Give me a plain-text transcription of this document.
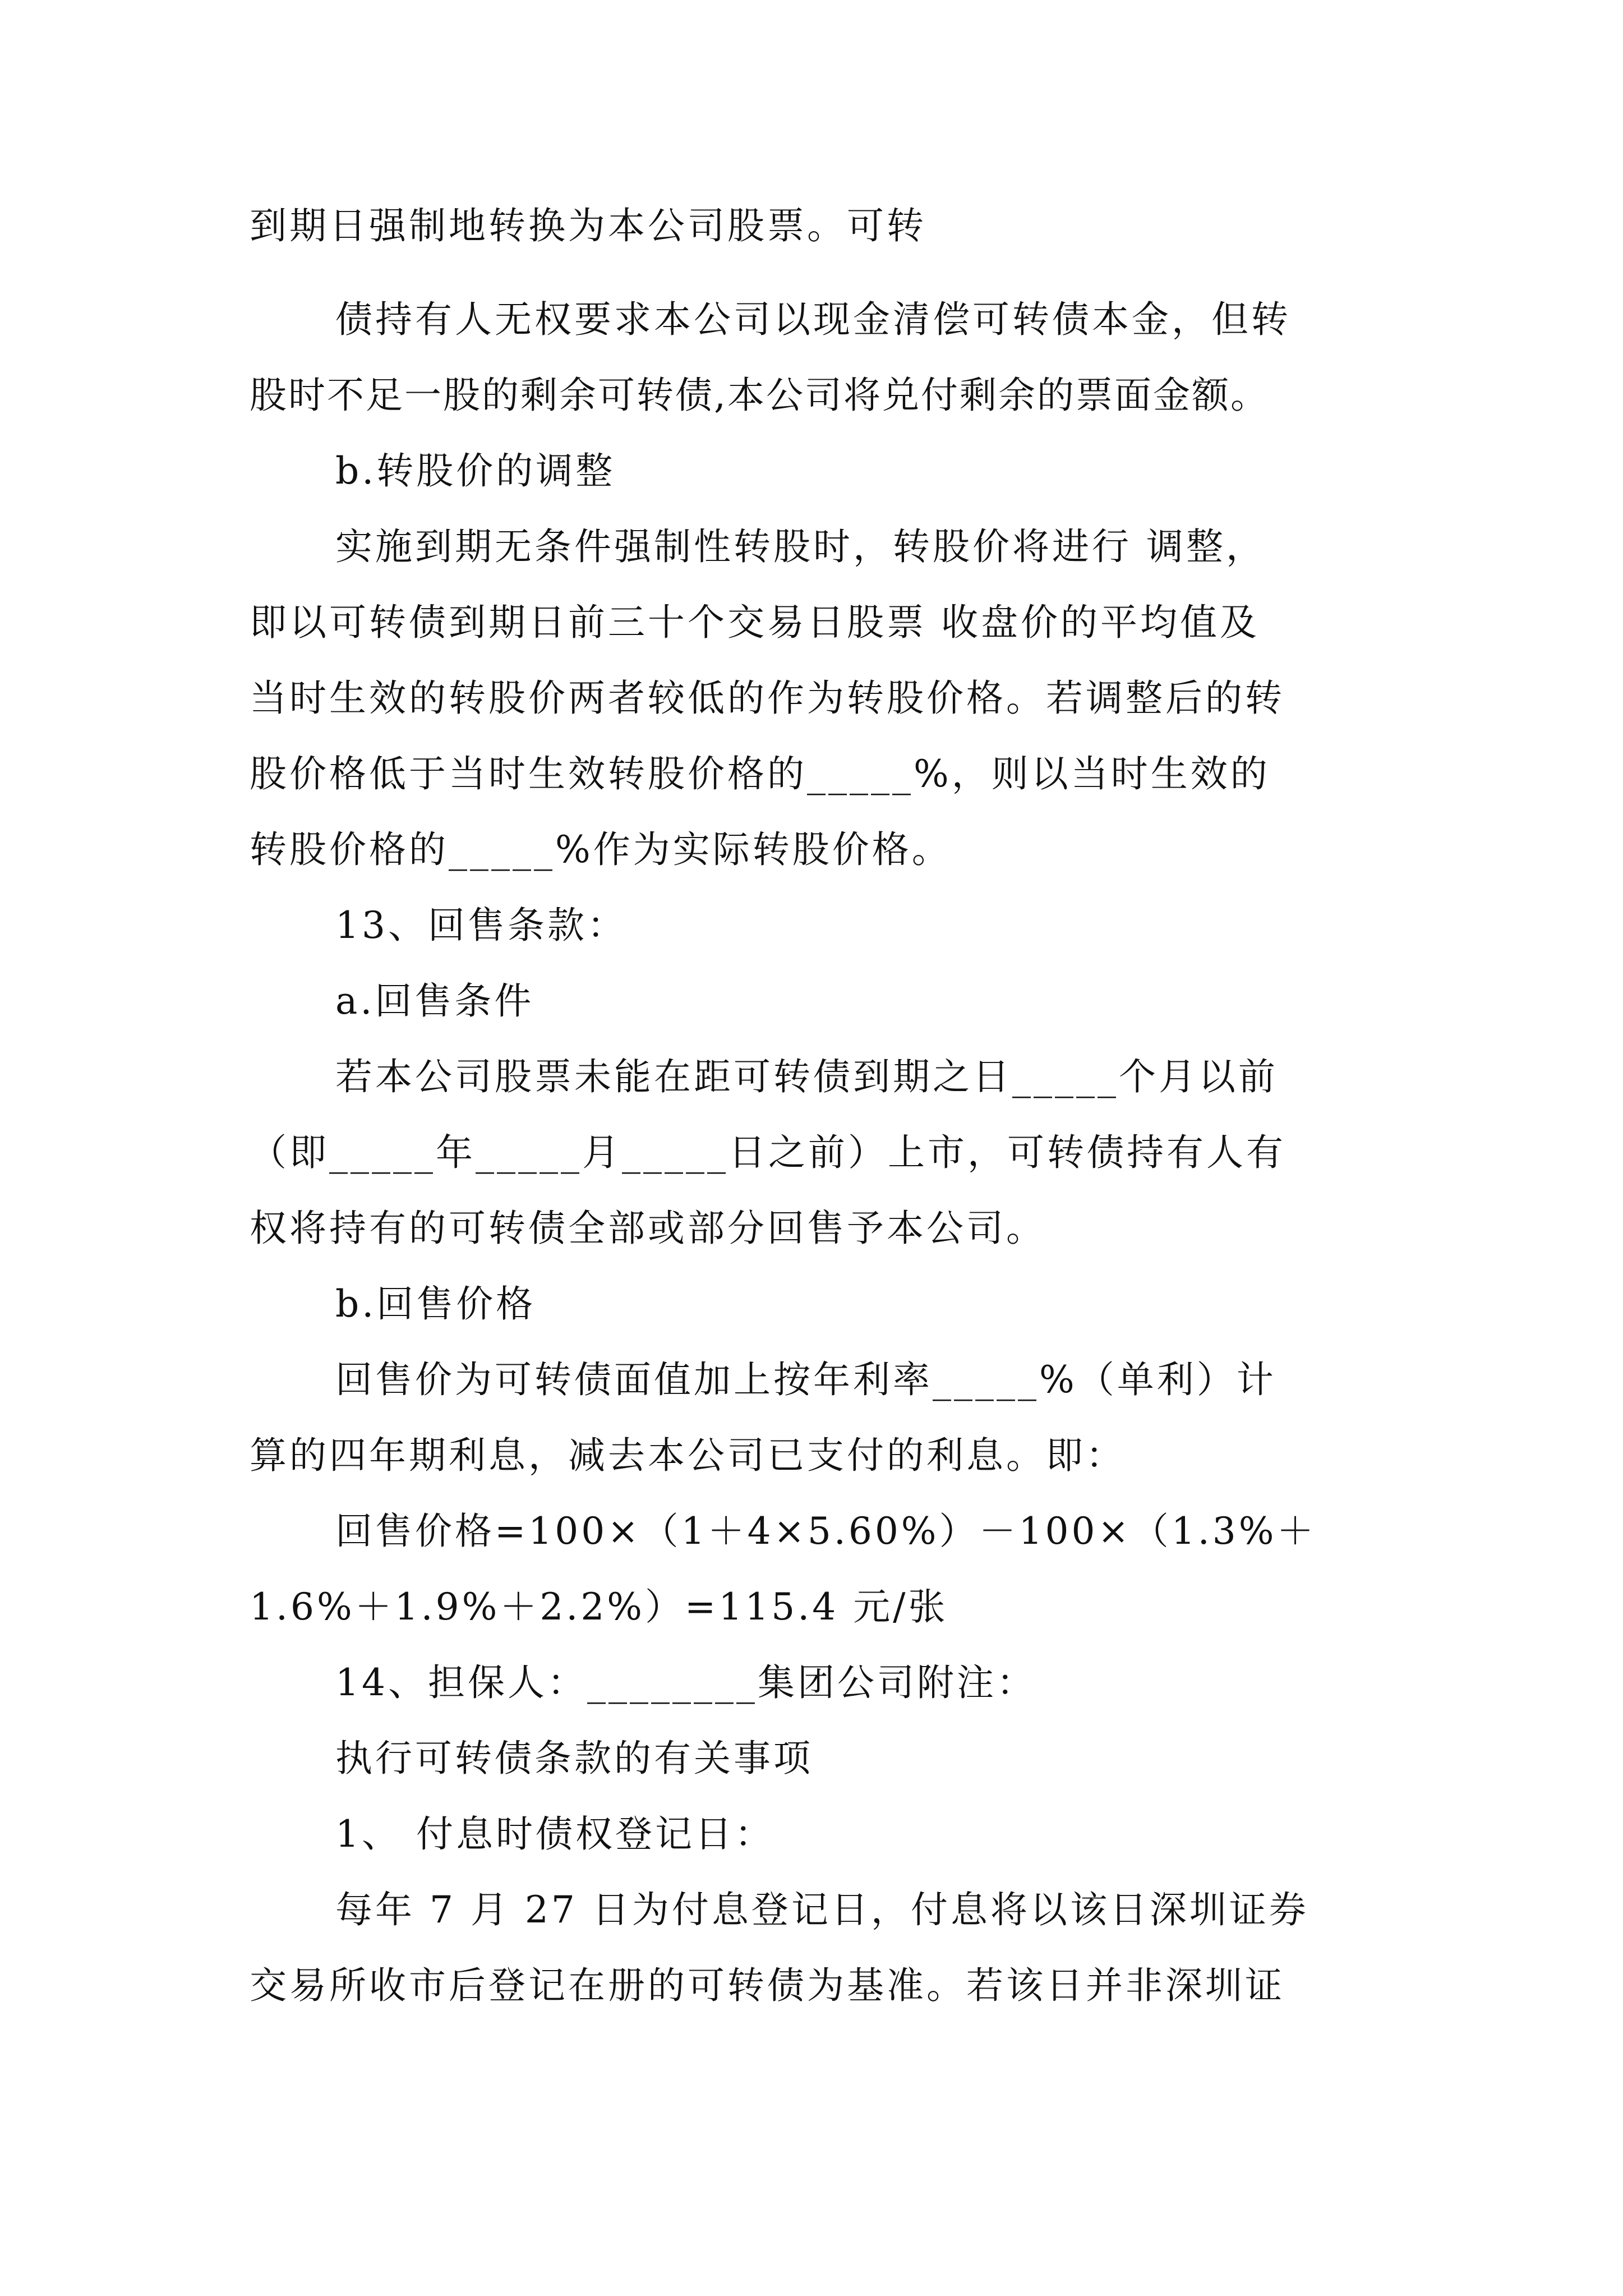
到期日强制地转换为本公司股票。可转

债持有人无权要求本公司以现金清偿可转债本金，但转

股时不足一股的剩余可转债,本公司将兑付剩余的票面金额。

b.转股价的调整

实施到期无条件强制性转股时，转股价将进行 调整，

即以可转债到期日前三十个交易日股票 收盘价的平均值及

当时生效的转股价两者较低的作为转股价格。若调整后的转

股价格低于当时生效转股价格的_____%，则以当时生效的

转股价格的_____%作为实际转股价格。

13、回售条款：

a.回售条件

若本公司股票未能在距可转债到期之日_____个月以前

（即_____年_____月_____日之前）上市，可转债持有人有

权将持有的可转债全部或部分回售予本公司。

b.回售价格

回售价为可转债面值加上按年利率_____%（单利）计

算的四年期利息，减去本公司已支付的利息。即：

回售价格=100×（1＋4×5.60%）－100×（1.3%＋

1.6%＋1.9%＋2.2%）=115.4 元/张

14、担保人：________集团公司附注：

执行可转债条款的有关事项

1、 付息时债权登记日：

每年 7 月 27 日为付息登记日，付息将以该日深圳证券

交易所收市后登记在册的可转债为基准。若该日并非深圳证
